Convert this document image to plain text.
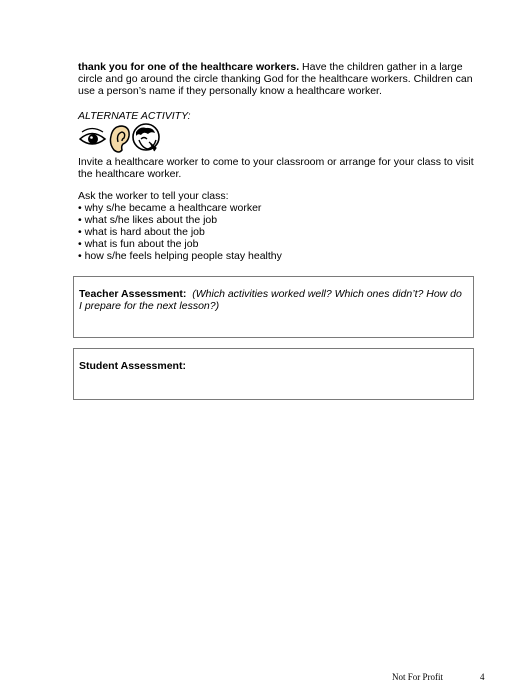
thank you for one of the healthcare workers. Have the children gather in a large circle and go around the circle thanking God for the healthcare workers. Children can use a person’s name if they personally know a healthcare worker.
ALTERNATE ACTIVITY:
Invite a healthcare worker to come to your classroom or arrange for your class to visit the healthcare worker.
Ask the worker to tell your class:
• why s/he became a healthcare worker
• what s/he likes about the job
• what is hard about the job
• what is fun about the job
• how s/he feels helping people stay healthy
Teacher Assessment: (Which activities worked well? Which ones didn’t? How do I prepare for the next lesson?)
Student Assessment:
Not For Profit	4
